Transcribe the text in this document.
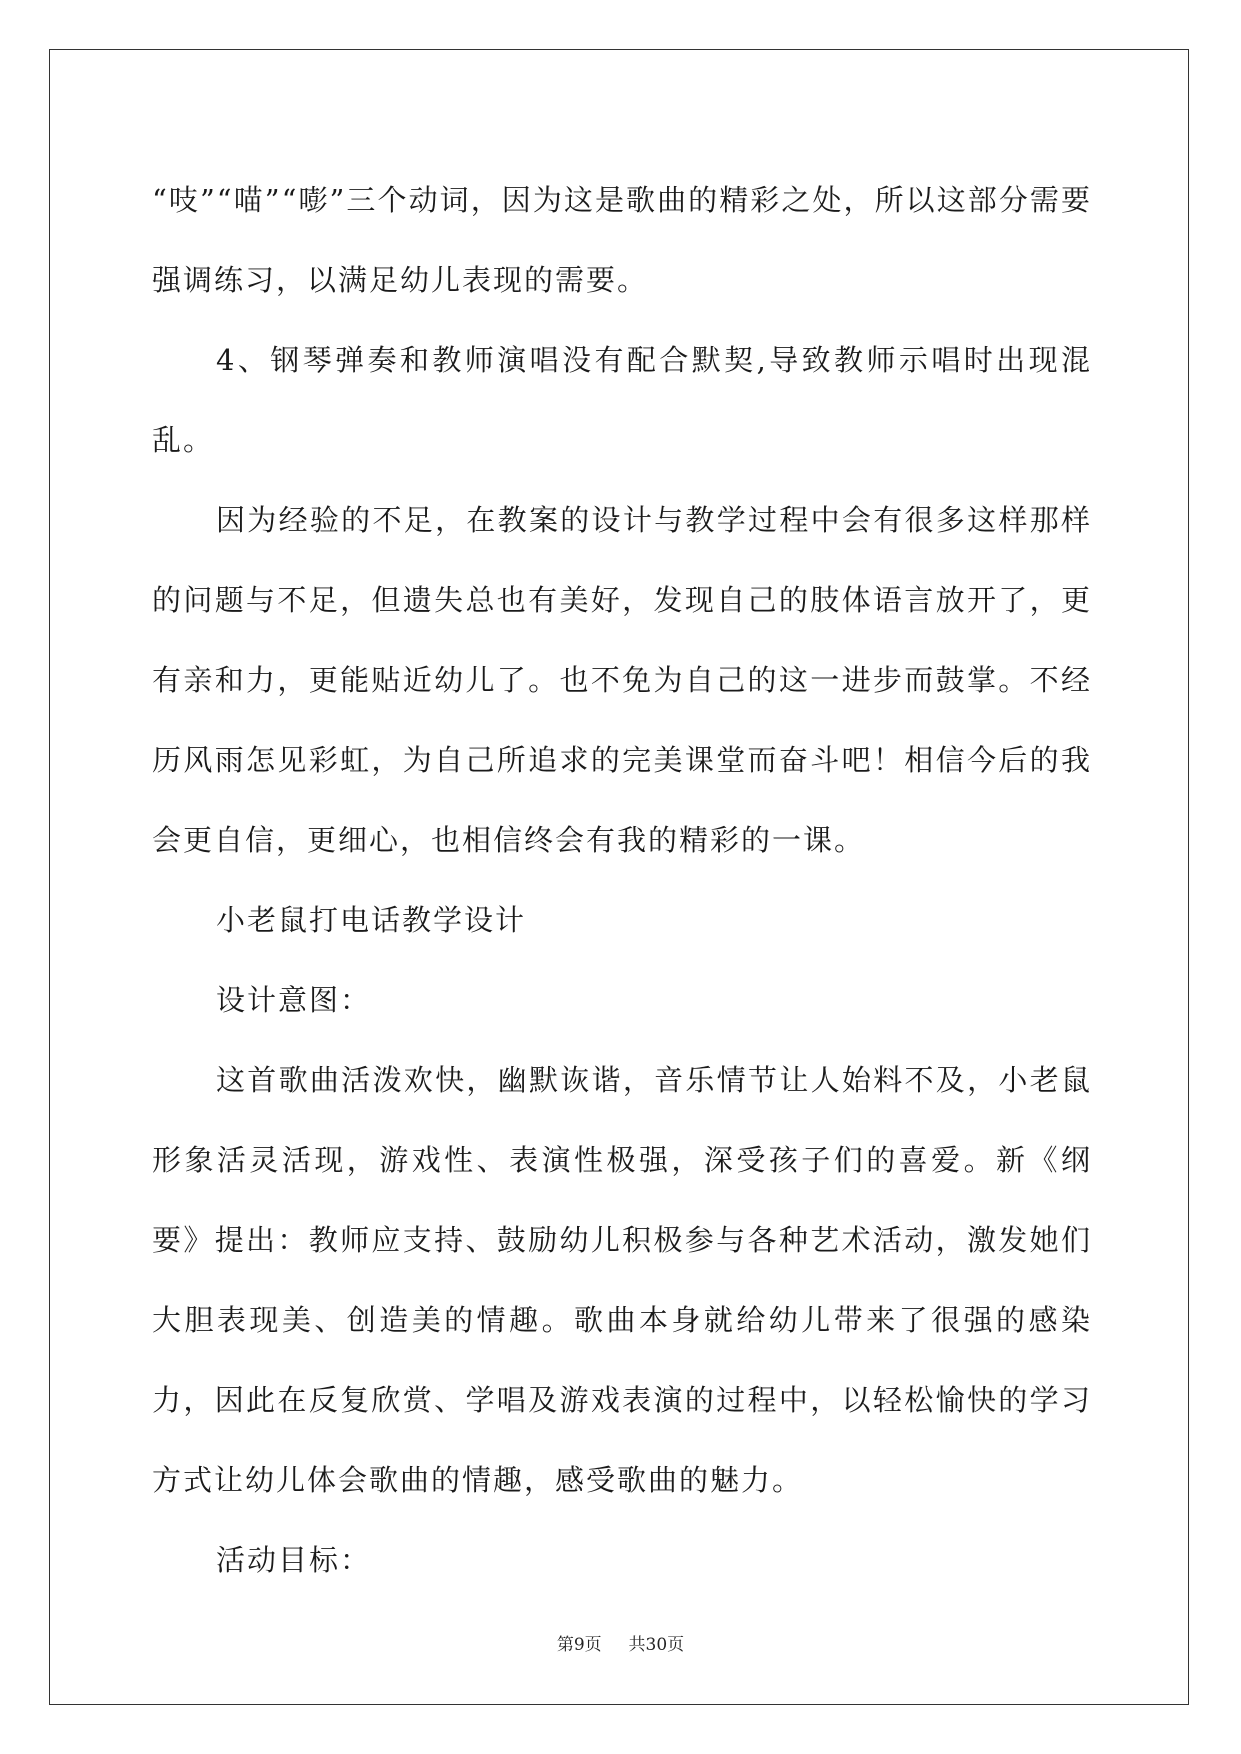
“吱”“喵”“嘭”三个动词，因为这是歌曲的精彩之处，所以这部分需要强调练习，以满足幼儿表现的需要。

4、钢琴弹奏和教师演唱没有配合默契,导致教师示唱时出现混乱。

因为经验的不足，在教案的设计与教学过程中会有很多这样那样的问题与不足，但遗失总也有美好，发现自己的肢体语言放开了，更有亲和力，更能贴近幼儿了。也不免为自己的这一进步而鼓掌。不经历风雨怎见彩虹，为自己所追求的完美课堂而奋斗吧！相信今后的我会更自信，更细心，也相信终会有我的精彩的一课。

小老鼠打电话教学设计

设计意图：

这首歌曲活泼欢快，幽默诙谐，音乐情节让人始料不及，小老鼠形象活灵活现，游戏性、表演性极强，深受孩子们的喜爱。新《纲要》提出：教师应支持、鼓励幼儿积极参与各种艺术活动，激发她们大胆表现美、创造美的情趣。歌曲本身就给幼儿带来了很强的感染力，因此在反复欣赏、学唱及游戏表演的过程中，以轻松愉快的学习方式让幼儿体会歌曲的情趣，感受歌曲的魅力。

活动目标：

第9页 共30页
